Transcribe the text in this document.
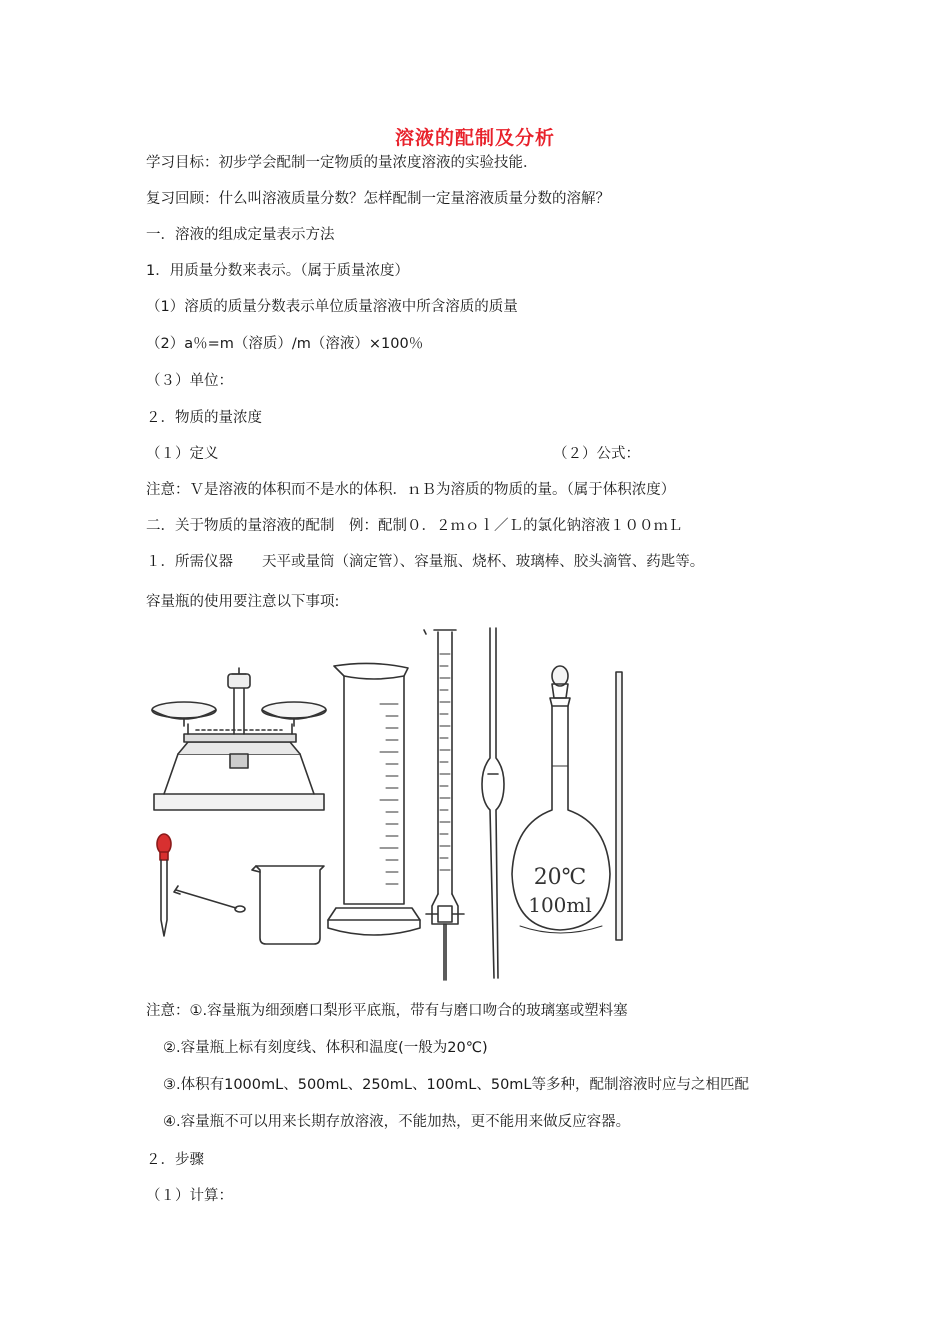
溶液的配制及分析
学习目标：初步学会配制一定物质的量浓度溶液的实验技能．
复习回顾：什么叫溶液质量分数？怎样配制一定量溶液质量分数的溶解？
一．溶液的组成定量表示方法
1．用质量分数来表示。（属于质量浓度）
（1）溶质的质量分数表示单位质量溶液中所含溶质的质量
（2）a％=m（溶质）/m（溶液）×100％
（３）单位：
２．物质的量浓度
（１）定义	（２）公式：
注意：Ｖ是溶液的体积而不是水的体积．ｎＢ为溶质的物质的量。（属于体积浓度）
二．关于物质的量溶液的配制　例：配制０．２ｍｏｌ／Ｌ的氯化钠溶液１００ｍＬ
１．所需仪器　　天平或量筒（滴定管）、容量瓶、烧杯、玻璃棒、胶头滴管、药匙等。
容量瓶的使用要注意以下事项:
20℃
100ml
注意：①.容量瓶为细颈磨口梨形平底瓶，带有与磨口吻合的玻璃塞或塑料塞
②.容量瓶上标有刻度线、体积和温度(一般为20℃)
③.体积有1000mL、500mL、250mL、100mL、50mL等多种，配制溶液时应与之相匹配
④.容量瓶不可以用来长期存放溶液，不能加热，更不能用来做反应容器。
２．步骤
（１）计算：
